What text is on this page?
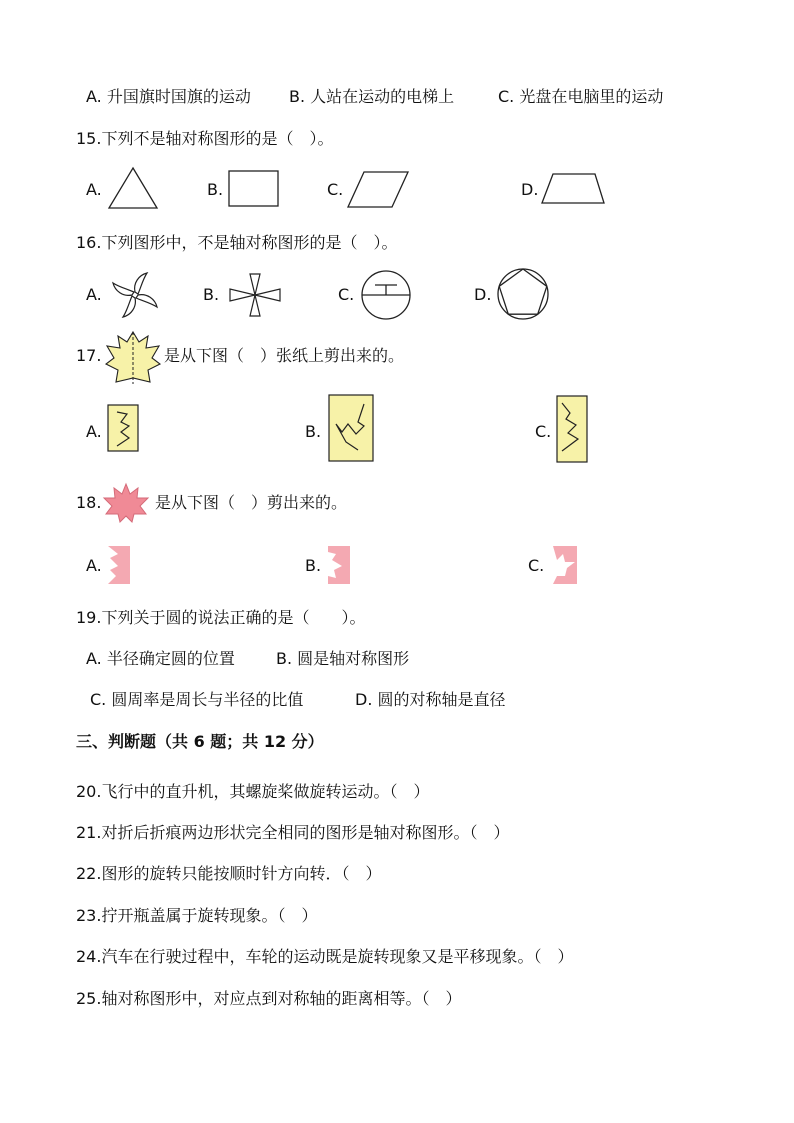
A. 升国旗时国旗的运动 B. 人站在运动的电梯上	C. 光盘在电脑里的运动
15.下列不是轴对称图形的是（　）。
A.	B.	C.	D.
16.下列图形中，不是轴对称图形的是（　）。
A.	B.	C.	D.
17.	是从下图（　）张纸上剪出来的。
A.	B.	C.
18.	是从下图（　）剪出来的。
A.	B.	C.
19.下列关于圆的说法正确的是（　　）。
A. 半径确定圆的位置	B. 圆是轴对称图形
C. 圆周率是周长与半径的比值	D. 圆的对称轴是直径
三、判断题（共 6 题；共 12 分）
20.飞行中的直升机，其螺旋桨做旋转运动。（　）
21.对折后折痕两边形状完全相同的图形是轴对称图形。（　）
22.图形的旋转只能按顺时针方向转．（　）
23.拧开瓶盖属于旋转现象。（　）
24.汽车在行驶过程中，车轮的运动既是旋转现象又是平移现象。（　）
25.轴对称图形中，对应点到对称轴的距离相等。（　）
